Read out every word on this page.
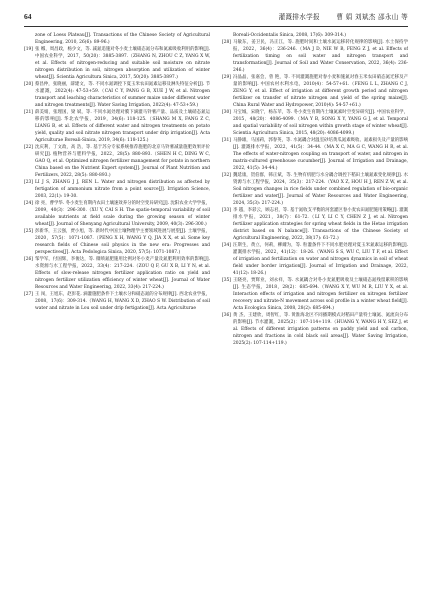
64	灌溉排水学报 曹 娟 刘斌杰 邵永山 等
zone of Loess Plateau[J]. Transactions of the Chinese Society of Agricultural Engineering, 2010, 26(6): 89-96.)
[19] 张 娜，周昌政，杨少文，等. 减氮追施对冬小麦土壤硝态氮分布和氮素吸收利用的影响[J]. 中国农业科学，2017，50(20)：3885-3897.（ZHANG N, ZHOU C Z, YANG X W, et al. Effects of nitrogen-reducing and suitable soil moisture on nitrate nitrogen distribution in soil, nitrogen absorption and utilization of winter wheat[J]. Scientia Agricultura Sinica, 2017, 50(20): 3885-3897.)
[20] 蔡昌仲，张晓丽，薛建文，等. 不同水氮调控下夏玉米农田氮素运移及淋失特征分析[J]. 节水灌溉，2022(4): 47-53+59.（CAI C Y, PANG G B, XUE J W, et al. Nitrogen transport and leaching characteristics of summer maize under different water and nitrogen treatments[J]. Water Saving Irrigation, 2022(4): 47-53+59.)
[21] 薛美娟，张理国，梁 斌，等. 不同水氮处理对膜下滴灌马铃薯产量、品质及土壤硝态氮运移的影响[J]. 华北农学报，2019，34(6): 118-125.（SHANG M X, FANG Z C, LIANG B, et al. Effects of different water and nitrogen treatments on potato yield, quality and soil nitrate nitrogen transport under drip irrigation[J]. Acta Agriculturae Boreali-Sinica, 2019, 34(6): 118-125.)
[22] 沈庆利，丁文政，高 浩，等. 基于苏分专家系统推荐施肥的北京马铃薯减量施肥效果评价研究[J]. 植物营养与肥料学报，2022，28(5): 880-893.（SHEN H C, DING W C, GAO Q, et al. Optimized nitrogen fertilizer management for potato in northern China based on the Nutrient Expert system[J]. Journal of Plant Nutrition and Fertilizers, 2022, 28(5): 880-893.)
[23] LI J S, ZHANG J J, REN L. Water and nitrogen distribution as affected by fertigation of ammonium nitrate from a point source[J]. Irrigation Science, 2003, 22(1): 19-30.
[24] 徐 亮，曹学华. 冬小麦生育期内农田土壤速效养分的时空变异研究[J]. 沈阳农业大学学报，2009，40(3)：296-300.（XU Y, CAI S H. The spatio-temporal variability of soil available nutrients at field scale during the growing season of winter wheat[J]. Journal of Shenyang Agricultural University, 2009, 40(3): 296-300.)
[25] 彭新华，王云强，贾小旭，等. 新时代中国土壤物理学主要领域进展与展望[J]. 土壤学报，2020，57(5)：1071-1087.（PENG X H, WANG Y Q, JIA X X, et al. Some key research fields of Chinese soil physics in the new era: Progresses and perspectives[J]. Acta Pedologica Sinica, 2020, 57(5): 1071-1087.)
[26] 邹学军，付国辉，李俊达，等. 微喷氮肥施用比例对冬小麦产量及氮肥利用效率的影响[J]. 水资源与水工程学报，2022，33(4)：217-224.（ZOU Q F, GU X B, LI Y N, et al. Effects of slow-release nitrogen fertilizer application ratio on yield and nitrogen fertilizer utilization efficiency of winter wheat[J]. Journal of Water Resources and Water Engineering, 2022, 33(4): 217-224.)
[27] 王 闯，王旭东，赵彭花. 滴灌施肥条件下土壤水分和硝态氮的分布规律[J]. 西北农业学报，2008，17(6)：309-314.（WANG H, WANG X D, ZHAO S W. Distribution of soil water and nitrate in Lou soil under drip fertigation[J]. Acta Agriculturae
Boreali-Occidentalis Sinica, 2008, 17(6): 309-314.)
[28] 马敏东，姜卫民，冯正江，等. 施肥时间和土壤水氮运移转化规律的影响[J]. 水土保持学报，2022，36(4)：236-246.（MA J D, NIE W B, FENG Z J, et al. Effects of fertilization timing on soil water and nitrogen transport and transformation[J]. Journal of Soil and Water Conservation, 2022, 36(4): 236-246.)
[29] 冯晶晶，张嘉会，曾 艳，等. 不同灌溉施肥对春小麦和施氮对春玉米农田硝态氮迁移及产量的影响[J]. 中国农村水利水电，2010(4)：54-57+61.（FENG L L, ZHANG C J, ZENG Y, et al. Effect of irrigation at different growth period and nitrogen fertilizer on transfer of nitrate nitrogen and yield of the spring maize[J]. China Rural Water and Hydropower, 2010(4): 54-57+61.)
[30] 马宝城，宋晓宁，杨东苹，等. 冬小麦生育期内土壤氮素时空变异研究[J]. 中国农业科学，2015，48(20)：4086-4099.（MA Y B, SONG X Y, YANG G J, et al. Temporal and spatial variability of soil nitrogen within growth stage of winter wheat[J]. Scientia Agricultura Sinica, 2015, 48(20): 4086-4099.)
[31] 马静雄，马国莉，郭春英，等. 水氮耦合对温室砂培黄瓜氮素吸收、氮素损失及产量的影响[J]. 灌溉排水学报，2022，41(5)：34-44.（MA X C, MA G C, WANG H R, et al. The effects of water-nitrogen coupling on transport of water, and nitrogen in matrix-cultured greenhouse cucumber[J]. Journal of Irrigation and Drainage, 2022, 41(5): 34-44.)
[32] 魏延康，贺伯群，韩正斌，等. 生物有机肥与水分耦合调控下稻田土壤氮素变化规律[J]. 水资源与水工程学报，2024，35(3)：217-224.（YAO X Z, HOU H J, REN Z W, et al. Soil nitrogen changes in rice fields under combined regulation of bio-organic fertilizer and water[J]. Journal of Water Resources and Water Engineering, 2024, 35(3): 217-224.)
[33] 李 越，李彩云，顾志君，等. 基于氮收支平衡的河套灌区春小麦农田氮肥施用策略[J]. 灌溉排水学报，2021，38(7)：61-72.（LI Y, LI C Y, CHEN Z J, et al. Nitrogen fertilizer application strategies for spring wheat fields in the Hetao irrigation district based on N balance[J]. Transactions of the Chinese Society of Agricultural Engineering, 2022, 38(17): 61-72.)
[34] 汪斯生，黄立，何莉，柳爾为，等. 粒灌条件下不同水肥处理对夏玉米氮素运移的影响[J]. 灌溉排水学报，2022，41(12)：18-26.（WANG S S, WU C, LIU T F, et al. Effect of irrigation and fertilization on water and nitrogen dynamics in soil of wheat field under border irrigation[J]. Journal of Irrigation and Drainage, 2022, 41(12): 18-26.)
[35] 王晓亮，贾辉业，刘永祥，等. 水氮耦合对冬小麦氮肥吸收及土壤硝态氮残留累积的影响[J]. 生态学报，2018，28(2)：685-694.（WANG X Y, WU M R, LIU Y X, et al. Interaction effects of irrigation and nitrogen fertilizer on nitrogen fertilizer recovery and nitrate-N movement across soil profile in a winter wheat field[J]. Acta Ecologica Sinica, 2008, 28(2): 685-694.)
[36] 黄 杰，王建欣，周智红，等. 黄淮海北区不同播期模式对稻田产量特土壤氮、氮流向分布的影响[J]. 节水灌溉，2025(2)：107-114+119.（HUANG Y, WANG H Y, SEZ J, et al. Effects of different irrigation patterns on paddy yield and soil carbon, nitrogen and fractions in cold black soil areas[J]. Water Saving Irrigation, 2025(2): 107-114+119.)
